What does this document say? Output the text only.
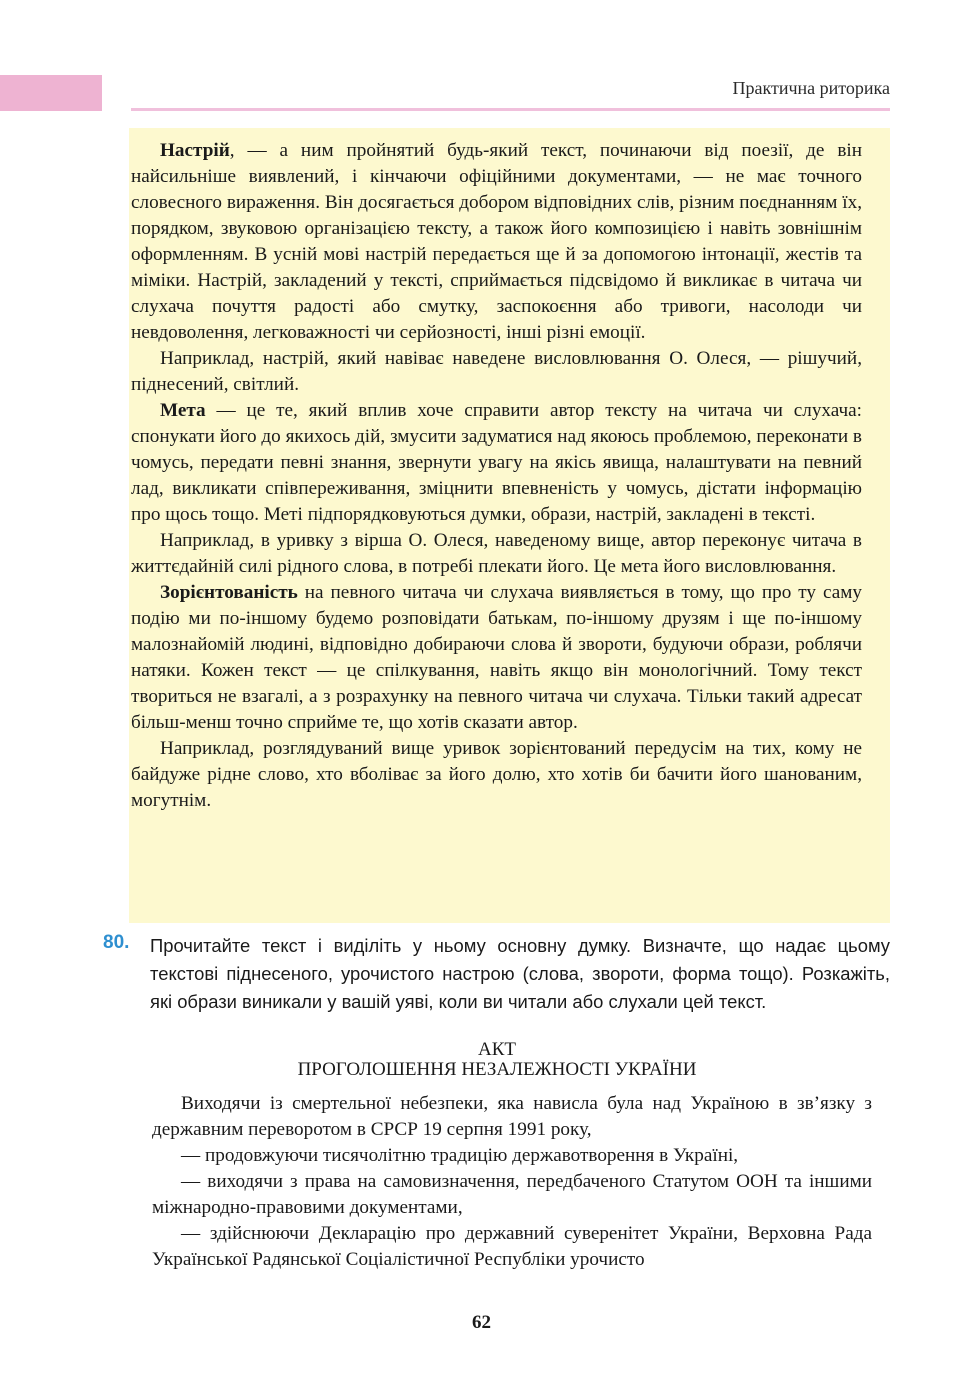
Практична риторика

Настрій, — а ним пройнятий будь-який текст, починаючи від поезії, де він найсильніше виявлений, і кінчаючи офіційними документами, — не має точного словесного вираження. Він досягається добором відповідних слів, різним поєднанням їх, порядком, звуковою організацією тексту, а також його композицією і навіть зовнішнім оформленням. В усній мові настрій передається ще й за допомогою інтонації, жестів та міміки. Настрій, закладений у тексті, сприймається підсвідомо й викликає в читача чи слухача почуття радості або смутку, заспокоєння або тривоги, насолоди чи невдоволення, легковажності чи серйозності, інші різні емоції.

Наприклад, настрій, який навіває наведене висловлювання О. Олеся, — рішучий, піднесений, світлий.

Мета — це те, який вплив хоче справити автор тексту на читача чи слухача: спонукати його до якихось дій, змусити задуматися над якоюсь проблемою, переконати в чомусь, передати певні знання, звернути увагу на якісь явища, налаштувати на певний лад, викликати співпереживання, зміцнити впевненість у чомусь, дістати інформацію про щось тощо. Меті підпорядковуються думки, образи, настрій, закладені в тексті.

Наприклад, в уривку з вірша О. Олеся, наведеному вище, автор переконує читача в життєдайній силі рідного слова, в потребі плекати його. Це мета його висловлювання.

Зорієнтованість на певного читача чи слухача виявляється в тому, що про ту саму подію ми по-іншому будемо розповідати батькам, по-іншому друзям і ще по-іншому малознайомій людині, відповідно добираючи слова й звороти, будуючи образи, роблячи натяки. Кожен текст — це спілкування, навіть якщо він монологічний. Тому текст твориться не взагалі, а з розрахунку на певного читача чи слухача. Тільки такий адресат більш-менш точно сприйме те, що хотів сказати автор.

Наприклад, розглядуваний вище уривок зорієнтований передусім на тих, кому не байдуже рідне слово, хто вболіває за його долю, хто хотів би бачити його шанованим, могутнім.

80. Прочитайте текст і виділіть у ньому основну думку. Визначте, що надає цьому текстові піднесеного, урочистого настрою (слова, звороти, форма тощо). Розкажіть, які образи виникали у вашій уяві, коли ви читали або слухали цей текст.
АКТ
ПРОГОЛОШЕННЯ НЕЗАЛЕЖНОСТІ УКРАЇНИ

Виходячи із смертельної небезпеки, яка нависла була над Україною в зв’язку з державним переворотом в СРСР 19 серпня 1991 року,

— продовжуючи тисячолітню традицію державотворення в Україні,

— виходячи з права на самовизначення, передбаченого Статутом ООН та іншими міжнародно-правовими документами,

— здійснюючи Декларацію про державний суверенітет України, Верховна Рада Української Радянської Соціалістичної Республіки урочисто

62
